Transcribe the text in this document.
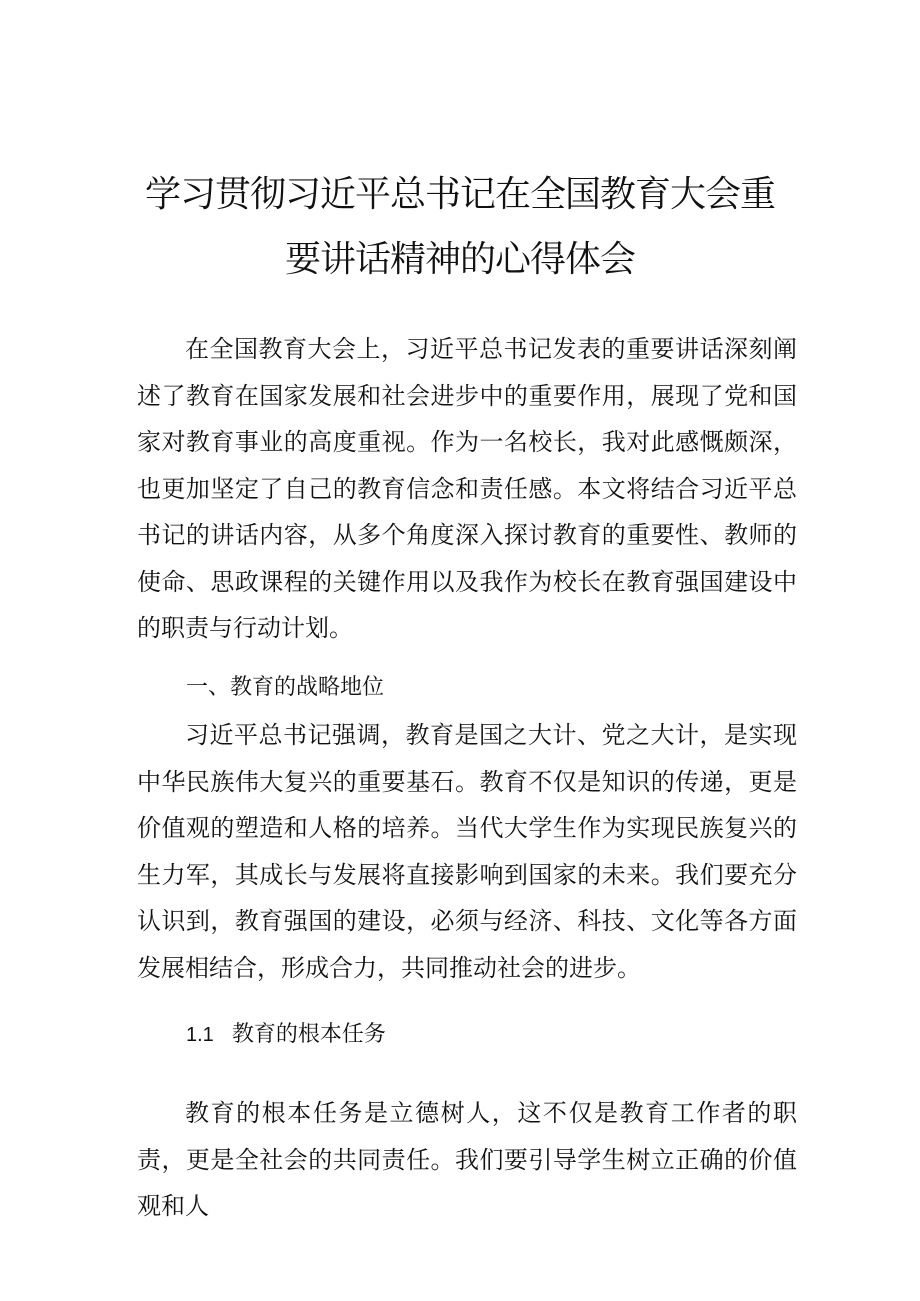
学习贯彻习近平总书记在全国教育大会重
要讲话精神的心得体会

在全国教育大会上，习近平总书记发表的重要讲话深刻阐述了教育在国家发展和社会进步中的重要作用，展现了党和国家对教育事业的高度重视。作为一名校长，我对此感慨颇深，也更加坚定了自己的教育信念和责任感。本文将结合习近平总书记的讲话内容，从多个角度深入探讨教育的重要性、教师的使命、思政课程的关键作用以及我作为校长在教育强国建设中的职责与行动计划。

一、教育的战略地位

习近平总书记强调，教育是国之大计、党之大计，是实现中华民族伟大复兴的重要基石。教育不仅是知识的传递，更是价值观的塑造和人格的培养。当代大学生作为实现民族复兴的生力军，其成长与发展将直接影响到国家的未来。我们要充分认识到，教育强国的建设，必须与经济、科技、文化等各方面发展相结合，形成合力，共同推动社会的进步。

1.1 教育的根本任务

教育的根本任务是立德树人，这不仅是教育工作者的职责，更是全社会的共同责任。我们要引导学生树立正确的价值观和人
